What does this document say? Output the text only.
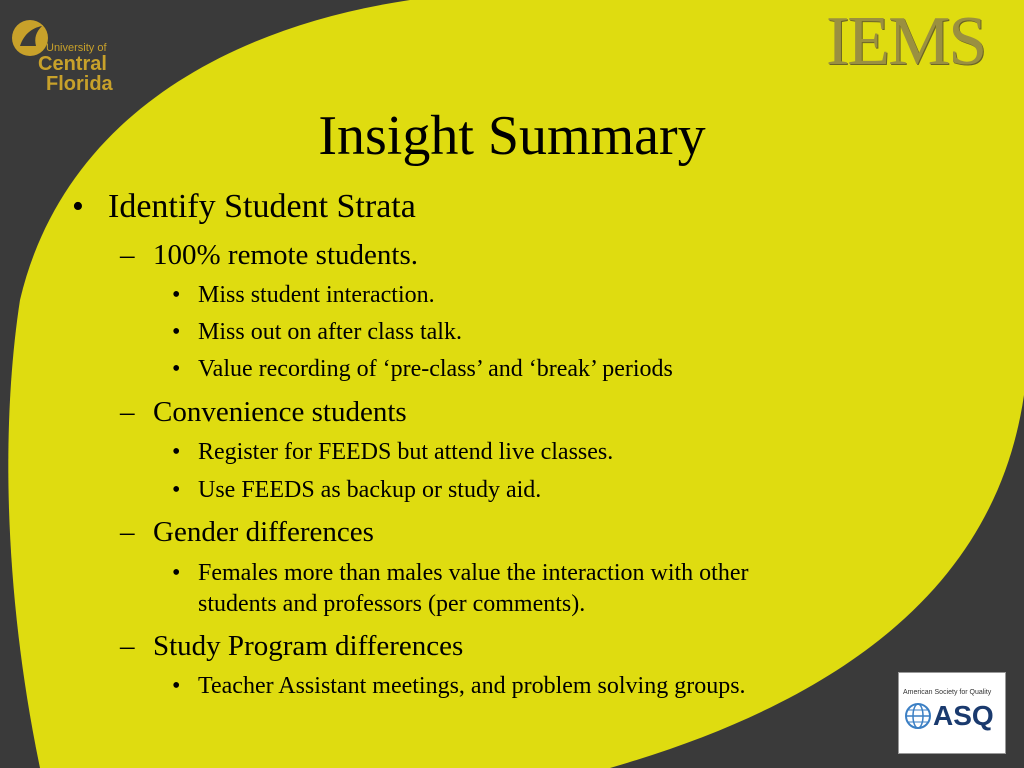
University of
Central
Florida
IEMS
Insight Summary
• Identify Student Strata
– 100% remote students.
• Miss student interaction.
• Miss out on after class talk.
• Value recording of ‘pre-class’ and ‘break’ periods
– Convenience students
• Register for FEEDS but attend live classes.
• Use FEEDS as backup or study aid.
– Gender differences
• Females more than males value the interaction with other
students and professors (per comments).
– Study Program differences
• Teacher Assistant meetings, and problem solving groups.	American Society for Quality
ASQ
